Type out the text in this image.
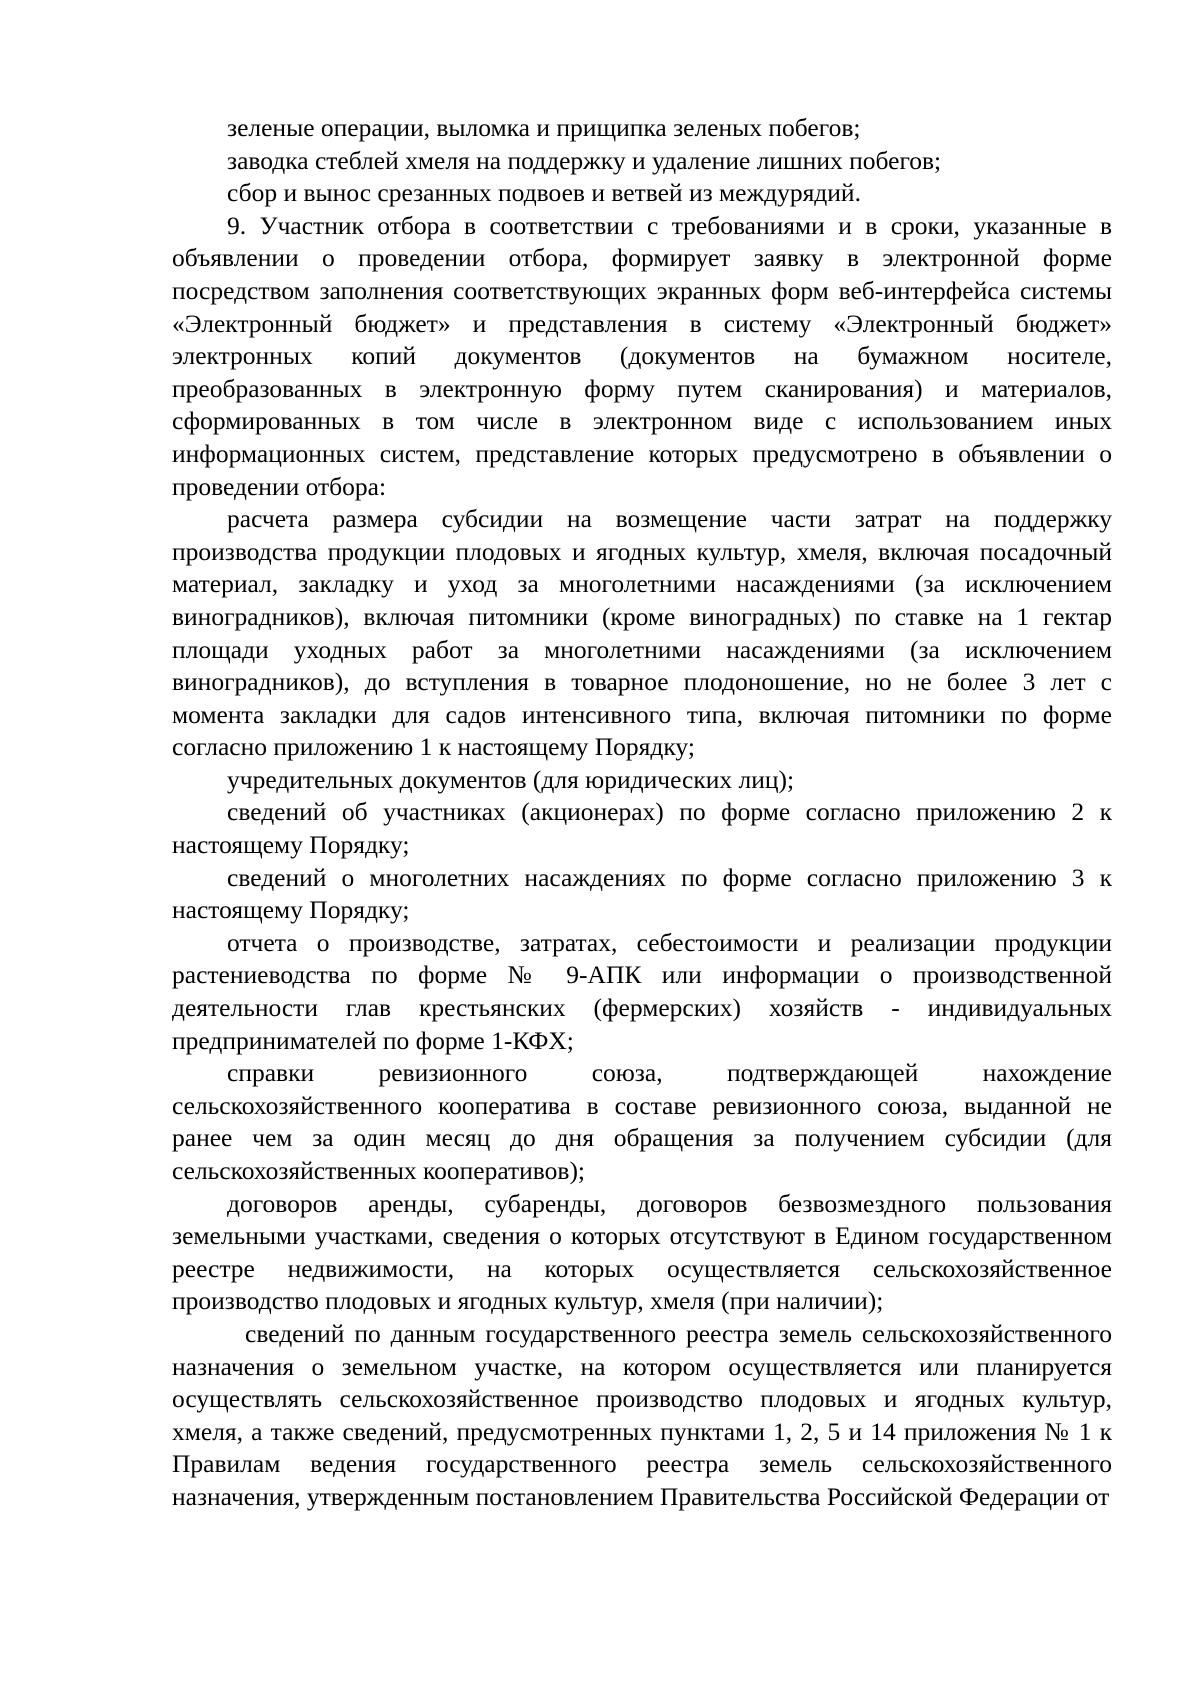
зеленые операции, выломка и прищипка зеленых побегов;

заводка стеблей хмеля на поддержку и удаление лишних побегов;

сбор и вынос срезанных подвоев и ветвей из междурядий.

9. Участник отбора в соответствии с требованиями и в сроки, указанные в объявлении о проведении отбора, формирует заявку в электронной форме посредством заполнения соответствующих экранных форм веб-интерфейса системы «Электронный бюджет» и представления в систему «Электронный бюджет» электронных копий документов (документов на бумажном носителе, преобразованных в электронную форму путем сканирования) и материалов, сформированных в том числе в электронном виде с использованием иных информационных систем, представление которых предусмотрено в объявлении о проведении отбора:

расчета размера субсидии на возмещение части затрат на поддержку производства продукции плодовых и ягодных культур, хмеля, включая посадочный материал, закладку и уход за многолетними насаждениями (за исключением виноградников), включая питомники (кроме виноградных) по ставке на 1 гектар площади уходных работ за многолетними насаждениями (за исключением виноградников), до вступления в товарное плодоношение, но не более 3 лет с момента закладки для садов интенсивного типа, включая питомники по форме согласно приложению 1 к настоящему Порядку;

учредительных документов (для юридических лиц);

сведений об участниках (акционерах) по форме согласно приложению 2 к настоящему Порядку;

сведений о многолетних насаждениях по форме согласно приложению 3 к настоящему Порядку;

отчета о производстве, затратах, себестоимости и реализации продукции растениеводства по форме № 9-АПК или информации о производственной деятельности глав крестьянских (фермерских) хозяйств - индивидуальных предпринимателей по форме 1-КФХ;

справки ревизионного союза, подтверждающей нахождение сельскохозяйственного кооператива в составе ревизионного союза, выданной не ранее чем за один месяц до дня обращения за получением субсидии (для сельскохозяйственных кооперативов);

договоров аренды, субаренды, договоров безвозмездного пользования земельными участками, сведения о которых отсутствуют в Едином государственном реестре недвижимости, на которых осуществляется сельскохозяйственное производство плодовых и ягодных культур, хмеля (при наличии);

сведений по данным государственного реестра земель сельскохозяйственного назначения о земельном участке, на котором осуществляется или планируется осуществлять сельскохозяйственное производство плодовых и ягодных культур, хмеля, а также сведений, предусмотренных пунктами 1, 2, 5 и 14 приложения № 1 к Правилам ведения государственного реестра земель сельскохозяйственного назначения, утвержденным постановлением Правительства Российской Федерации от
